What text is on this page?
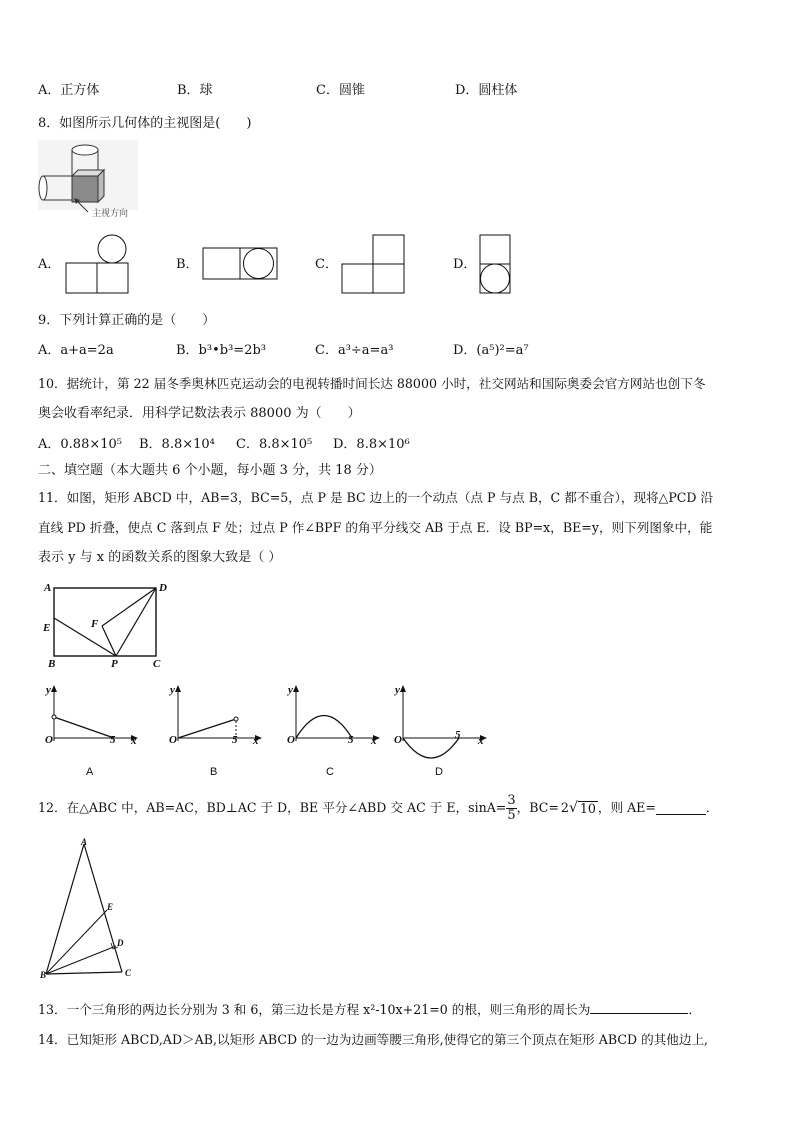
A．正方体	B．球	C．圆锥	D．圆柱体
8．如图所示几何体的主视图是(　　)
主视方向
A．	B．	C．	D．
9．下列计算正确的是（　　）
A．a+a=2a	B．b³•b³=2b³	C．a³÷a=a³	D．(a⁵)²=a⁷
10．据统计，第 22 届冬季奥林匹克运动会的电视转播时间长达 88000 小时，社交网站和国际奥委会官方网站也创下冬
奥会收看率纪录．用科学记数法表示 88000 为（　　）
A．0.88×10⁵ B．8.8×10⁴ C．8.8×10⁵ D．8.8×10⁶
二、填空题（本大题共 6 个小题，每小题 3 分，共 18 分）
11．如图，矩形 ABCD 中，AB=3，BC=5，点 P 是 BC 边上的一个动点（点 P 与点 B，C 都不重合），现将△PCD 沿
直线 PD 折叠，使点 C 落到点 F 处；过点 P 作∠BPF 的角平分线交 AB 于点 E．设 BP=x，BE=y，则下列图象中，能
表示 y 与 x 的函数关系的图象大致是（ ）
A	D
E	F
B	P	C
y
O	5 x
A
y
O	5 x
B
y
O	5 x
C
y
O	5 x
D
12．在△ABC 中，AB=AC，BD⊥AC 于 D，BE 平分∠ABD 交 AC 于 E，$\sin A= \frac{3}{5}$ ，BC= 2 √ 10 ，则 AE=	．
A
E
D
B	C
13．一个三角形的两边长分别为 3 和 6，第三边长是方程 x²-10x+21=0 的根，则三角形的周长为	．
14．已知矩形 ABCD,AD＞AB,以矩形 ABCD 的一边为边画等腰三角形,使得它的第三个顶点在矩形 ABCD 的其他边上,
